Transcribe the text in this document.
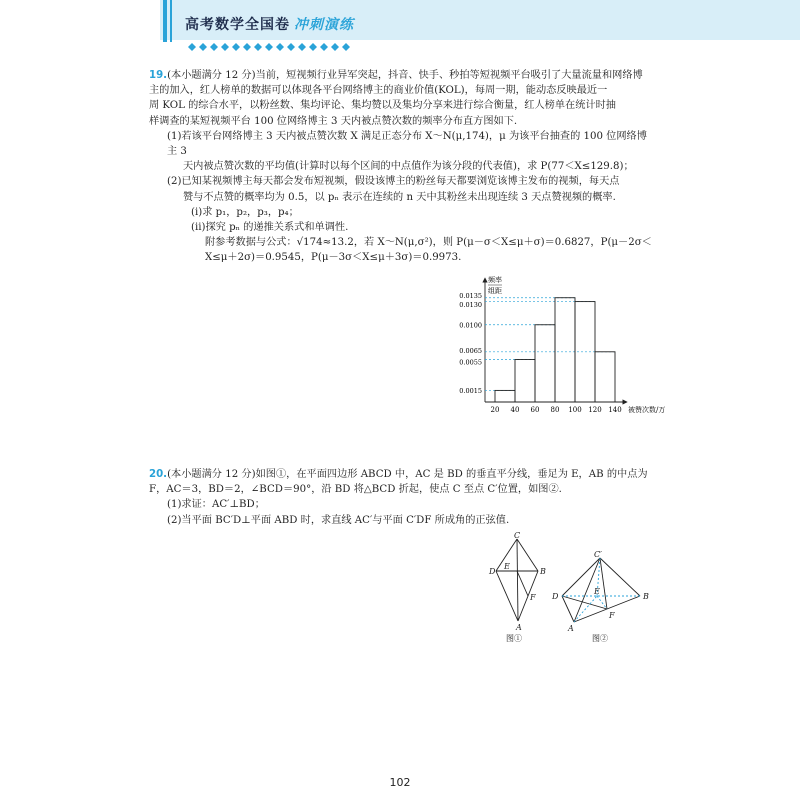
高考数学全国卷 冲刺演练

19.(本小题满分 12 分)当前，短视频行业异军突起，抖音、快手、秒拍等短视频平台吸引了大量流量和网络博

主的加入，红人榜单的数据可以体现各平台网络博主的商业价值(KOL)，每周一期，能动态反映最近一

周 KOL 的综合水平，以粉丝数、集均评论、集均赞以及集均分享来进行综合衡量，红人榜单在统计时抽

样调查的某短视频平台 100 位网络博主 3 天内被点赞次数的频率分布直方图如下.

(1)若该平台网络博主 3 天内被点赞次数 X 满足正态分布 X～N(μ,174)，μ 为该平台抽查的 100 位网络博主 3

天内被点赞次数的平均值(计算时以每个区间的中点值作为该分段的代表值)，求 P(77＜X≤129.8)；

(2)已知某视频博主每天都会发布短视频，假设该博主的粉丝每天都要浏览该博主发布的视频，每天点

赞与不点赞的概率均为 0.5，以 pₙ 表示在连续的 n 天中其粉丝未出现连续 3 天点赞视频的概率.

(ⅰ)求 p₁，p₂，p₃，p₄；

(ⅱ)探究 pₙ 的递推关系式和单调性.

附参考数据与公式：√174≈13.2，若 X～N(μ,σ²)，则 P(μ－σ＜X≤μ＋σ)＝0.6827，P(μ－2σ＜

X≤μ＋2σ)＝0.9545，P(μ－3σ＜X≤μ＋3σ)＝0.9973.

频率
组距
被赞次数/万
0.0015
0.0055
0.0065
0.0100
0.0130
0.0135
20 40 60 80 100 120 140

20.(本小题满分 12 分)如图①，在平面四边形 ABCD 中，AC 是 BD 的垂直平分线，垂足为 E，AB 的中点为

F，AC＝3，BD＝2，∠BCD＝90°，沿 BD 将△BCD 折起，使点 C 至点 C′位置，如图②.

(1)求证：AC′⊥BD；

(2)当平面 BC′D⊥平面 ABD 时，求直线 AC′与平面 C′DF 所成角的正弦值.

C
D
E
B
F
A
图①
C′
D
E
B
F
A
图②
102
